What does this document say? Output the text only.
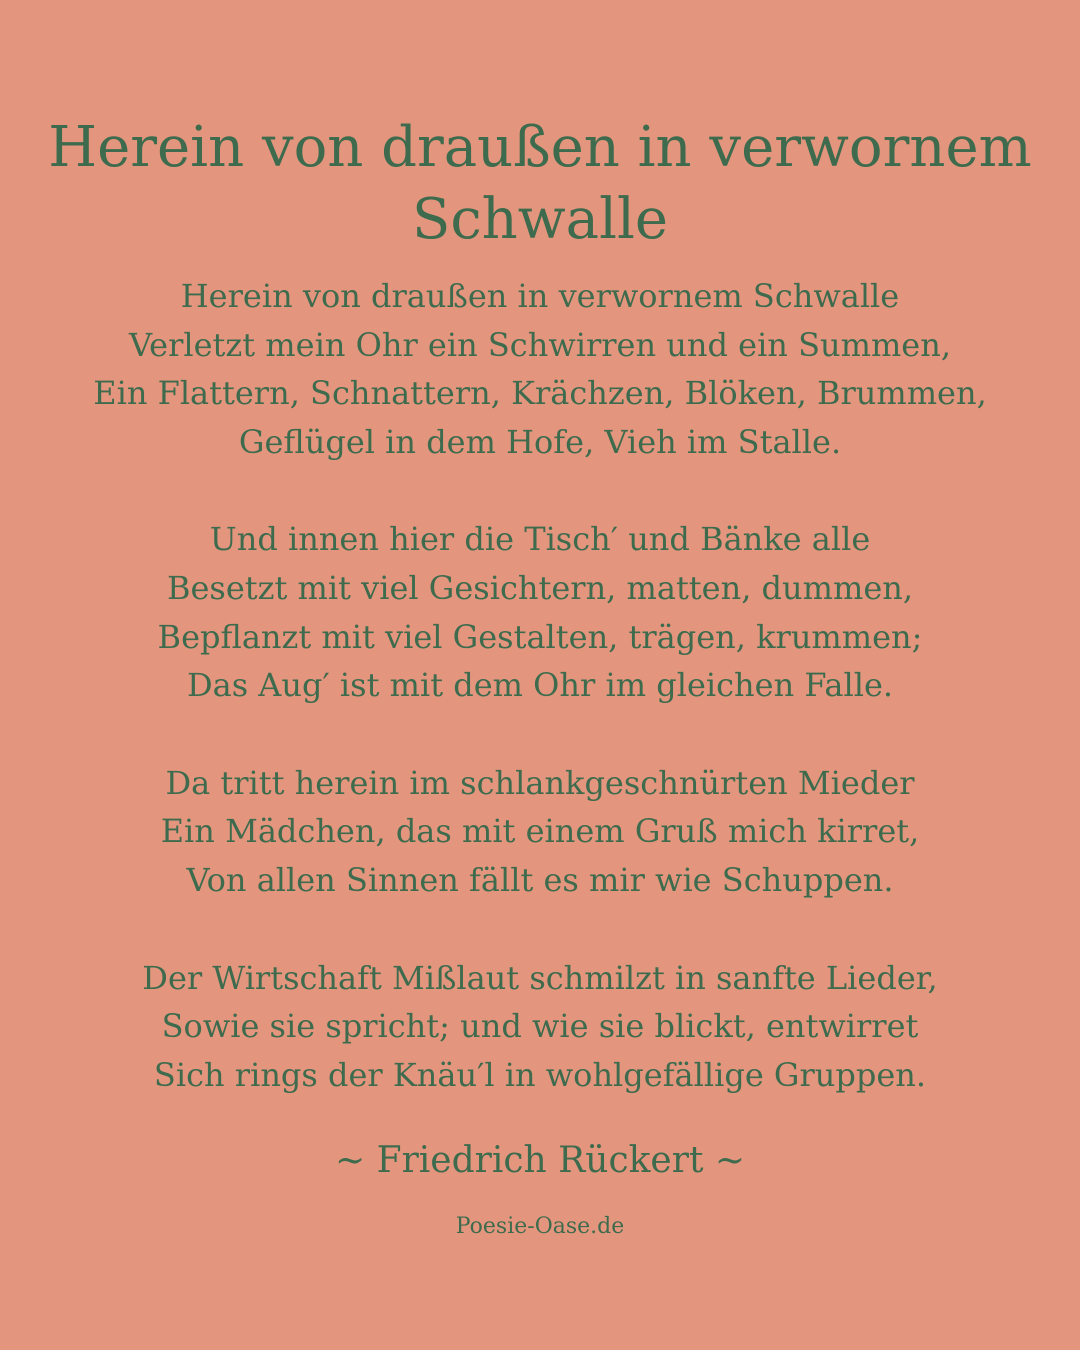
Herein von draußen in verwornem
Schwalle
Herein von draußen in verwornem Schwalle
Verletzt mein Ohr ein Schwirren und ein Summen,
Ein Flattern, Schnattern, Krächzen, Blöken, Brummen,
Geflügel in dem Hofe, Vieh im Stalle.
Und innen hier die Tisch′ und Bänke alle
Besetzt mit viel Gesichtern, matten, dummen,
Bepflanzt mit viel Gestalten, trägen, krummen;
Das Aug′ ist mit dem Ohr im gleichen Falle.
Da tritt herein im schlankgeschnürten Mieder
Ein Mädchen, das mit einem Gruß mich kirret,
Von allen Sinnen fällt es mir wie Schuppen.
Der Wirtschaft Mißlaut schmilzt in sanfte Lieder,
Sowie sie spricht; und wie sie blickt, entwirret
Sich rings der Knäu′l in wohlgefällige Gruppen.
~ Friedrich Rückert ~
Poesie-Oase.de
